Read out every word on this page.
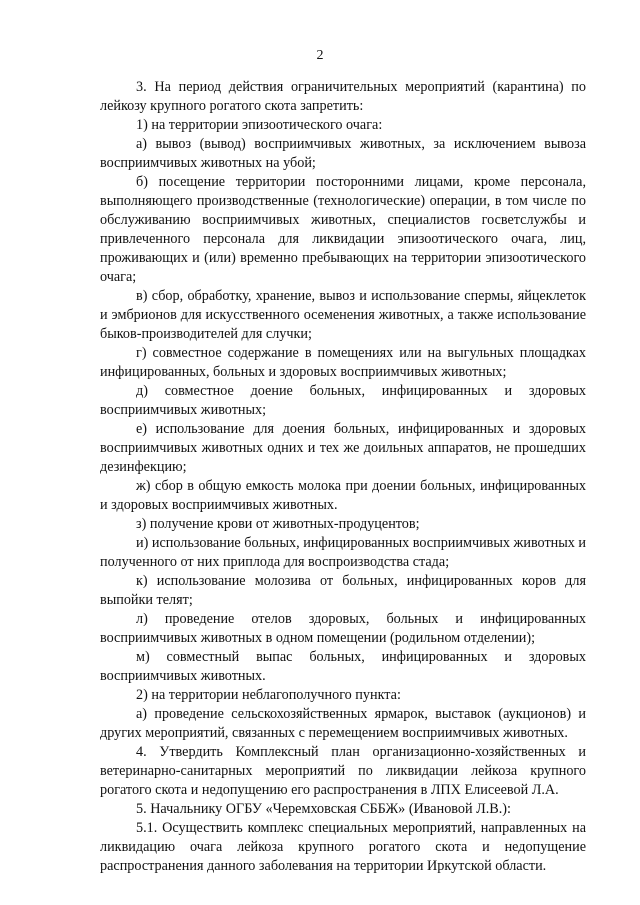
2

3. На период действия ограничительных мероприятий (карантина) по лейкозу крупного рогатого скота запретить:

1) на территории эпизоотического очага:

а) вывоз (вывод) восприимчивых животных, за исключением вывоза восприимчивых животных на убой;

б) посещение территории посторонними лицами, кроме персонала, выполняющего производственные (технологические) операции, в том числе по обслуживанию восприимчивых животных, специалистов госветслужбы и привлеченного персонала для ликвидации эпизоотического очага, лиц, проживающих и (или) временно пребывающих на территории эпизоотического очага;

в) сбор, обработку, хранение, вывоз и использование спермы, яйцеклеток и эмбрионов для искусственного осеменения животных, а также использование быков-производителей для случки;

г) совместное содержание в помещениях или на выгульных площадках инфицированных, больных и здоровых восприимчивых животных;

д) совместное доение больных, инфицированных и здоровых восприимчивых животных;

е) использование для доения больных, инфицированных и здоровых восприимчивых животных одних и тех же доильных аппаратов, не прошедших дезинфекцию;

ж) сбор в общую емкость молока при доении больных, инфицированных и здоровых восприимчивых животных.

з) получение крови от животных-продуцентов;

и) использование больных, инфицированных восприимчивых животных и полученного от них приплода для воспроизводства стада;

к) использование молозива от больных, инфицированных коров для выпойки телят;

л) проведение отелов здоровых, больных и инфицированных восприимчивых животных в одном помещении (родильном отделении);

м) совместный выпас больных, инфицированных и здоровых восприимчивых животных.

2) на территории неблагополучного пункта:

а) проведение сельскохозяйственных ярмарок, выставок (аукционов) и других мероприятий, связанных с перемещением восприимчивых животных.

4. Утвердить Комплексный план организационно-хозяйственных и ветеринарно-санитарных мероприятий по ликвидации лейкоза крупного рогатого скота и недопущению его распространения в ЛПХ Елисеевой Л.А.

5. Начальнику ОГБУ «Черемховская СББЖ» (Ивановой Л.В.):

5.1. Осуществить комплекс специальных мероприятий, направленных на ликвидацию очага лейкоза крупного рогатого скота и недопущение распространения данного заболевания на территории Иркутской области.
